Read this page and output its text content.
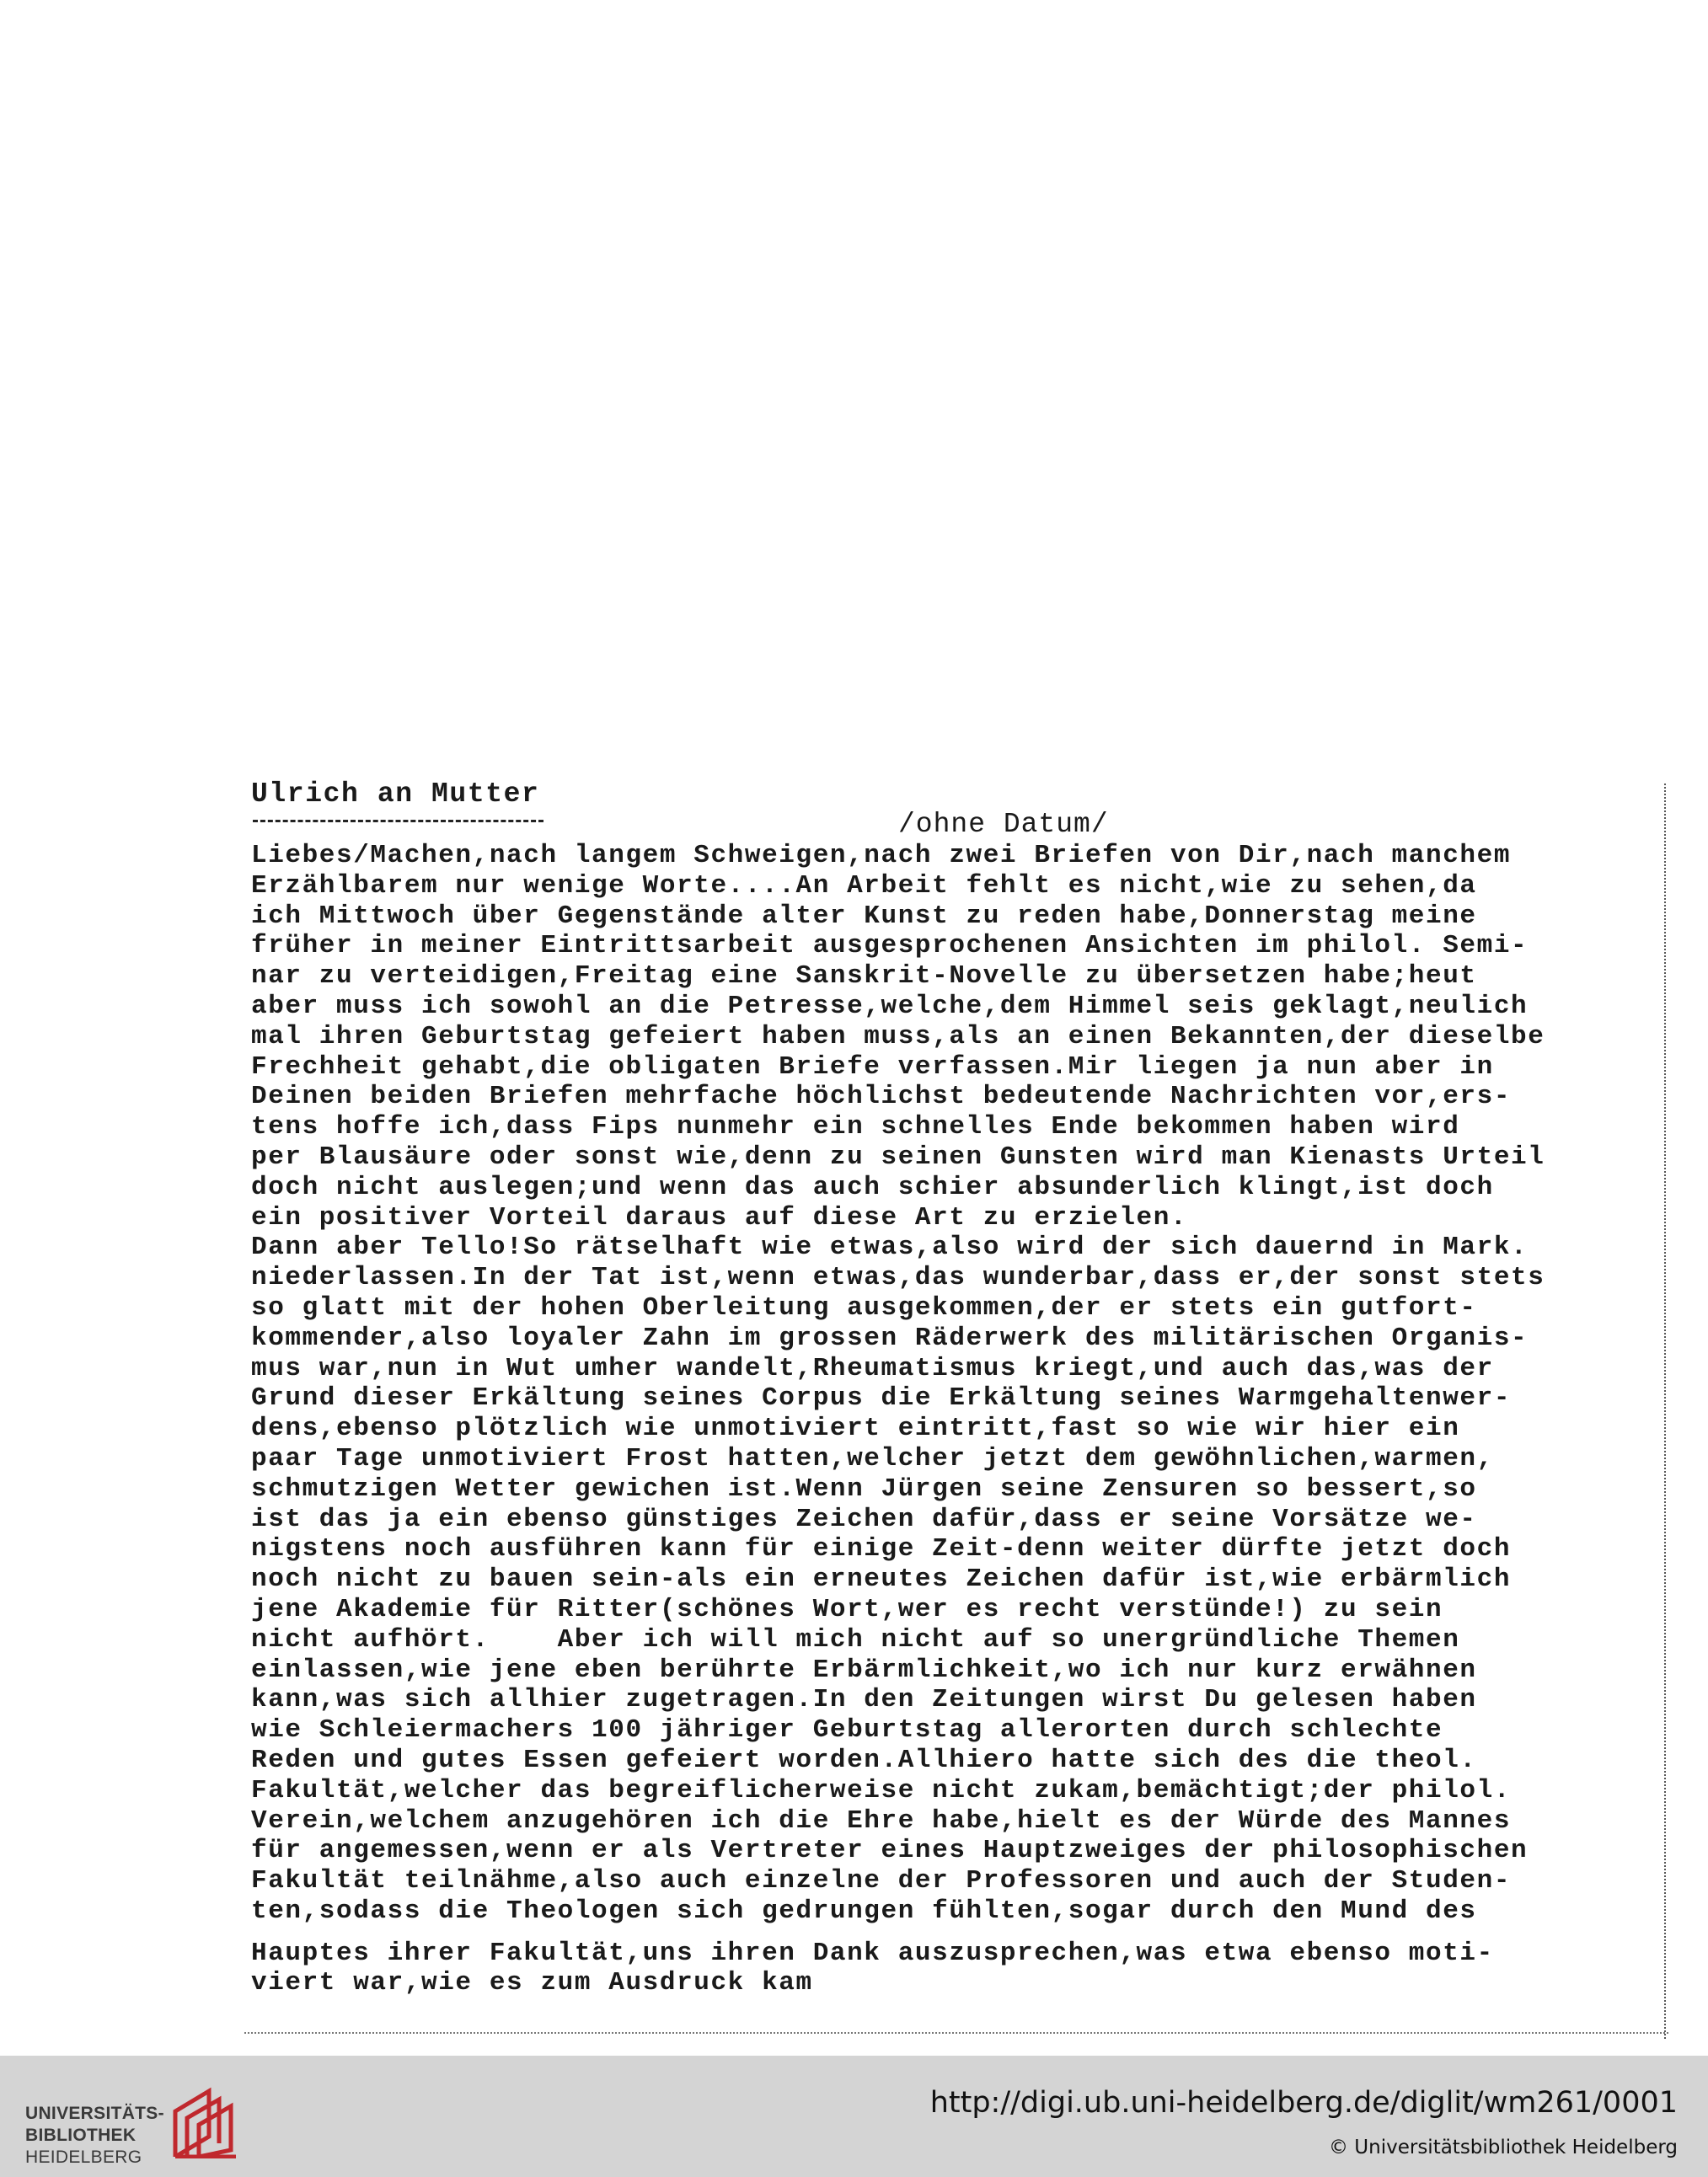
Ulrich an Mutter
/ohne Datum/
Liebes/Machen,nach langem Schweigen,nach zwei Briefen von Dir,nach manchem
Erzählbarem nur wenige Worte....An Arbeit fehlt es nicht,wie zu sehen,da
ich Mittwoch über Gegenstände alter Kunst zu reden habe,Donnerstag meine
früher in meiner Eintrittsarbeit ausgesprochenen Ansichten im philol. Semi-
nar zu verteidigen,Freitag eine Sanskrit-Novelle zu übersetzen habe;heut
aber muss ich sowohl an die Petresse,welche,dem Himmel seis geklagt,neulich
mal ihren Geburtstag gefeiert haben muss,als an einen Bekannten,der dieselbe
Frechheit gehabt,die obligaten Briefe verfassen.Mir liegen ja nun aber in
Deinen beiden Briefen mehrfache höchlichst bedeutende Nachrichten vor,ers-
tens hoffe ich,dass Fips nunmehr ein schnelles Ende bekommen haben wird
per Blausäure oder sonst wie,denn zu seinen Gunsten wird man Kienasts Urteil
doch nicht auslegen;und wenn das auch schier absunderlich klingt,ist doch
ein positiver Vorteil daraus auf diese Art zu erzielen.
Dann aber Tello!So rätselhaft wie etwas,also wird der sich dauernd in Mark.
niederlassen.In der Tat ist,wenn etwas,das wunderbar,dass er,der sonst stets
so glatt mit der hohen Oberleitung ausgekommen,der er stets ein gutfort-
kommender,also loyaler Zahn im grossen Räderwerk des militärischen Organis-
mus war,nun in Wut umher wandelt,Rheumatismus kriegt,und auch das,was der
Grund dieser Erkältung seines Corpus die Erkältung seines Warmgehaltenwer-
dens,ebenso plötzlich wie unmotiviert eintritt,fast so wie wir hier ein
paar Tage unmotiviert Frost hatten,welcher jetzt dem gewöhnlichen,warmen,
schmutzigen Wetter gewichen ist.Wenn Jürgen seine Zensuren so bessert,so
ist das ja ein ebenso günstiges Zeichen dafür,dass er seine Vorsätze we-
nigstens noch ausführen kann für einige Zeit-denn weiter dürfte jetzt doch
noch nicht zu bauen sein-als ein erneutes Zeichen dafür ist,wie erbärmlich
jene Akademie für Ritter(schönes Wort,wer es recht verstünde!) zu sein
nicht aufhört.    Aber ich will mich nicht auf so unergründliche Themen
einlassen,wie jene eben berührte Erbärmlichkeit,wo ich nur kurz erwähnen
kann,was sich allhier zugetragen.In den Zeitungen wirst Du gelesen haben
wie Schleiermachers 100 jähriger Geburtstag allerorten durch schlechte
Reden und gutes Essen gefeiert worden.Allhiero hatte sich des die theol.
Fakultät,welcher das begreiflicherweise nicht zukam,bemächtigt;der philol.
Verein,welchem anzugehören ich die Ehre habe,hielt es der Würde des Mannes
für angemessen,wenn er als Vertreter eines Hauptzweiges der philosophischen
Fakultät teilnähme,also auch einzelne der Professoren und auch der Studen-
ten,sodass die Theologen sich gedrungen fühlten,sogar durch den Mund des
Hauptes ihrer Fakultät,uns ihren Dank auszusprechen,was etwa ebenso moti-
viert war,wie es zum Ausdruck kam
UNIVERSITÄTS-
BIBLIOTHEK
HEIDELBERG
http://digi.ub.uni-heidelberg.de/diglit/wm261/0001
© Universitätsbibliothek Heidelberg
